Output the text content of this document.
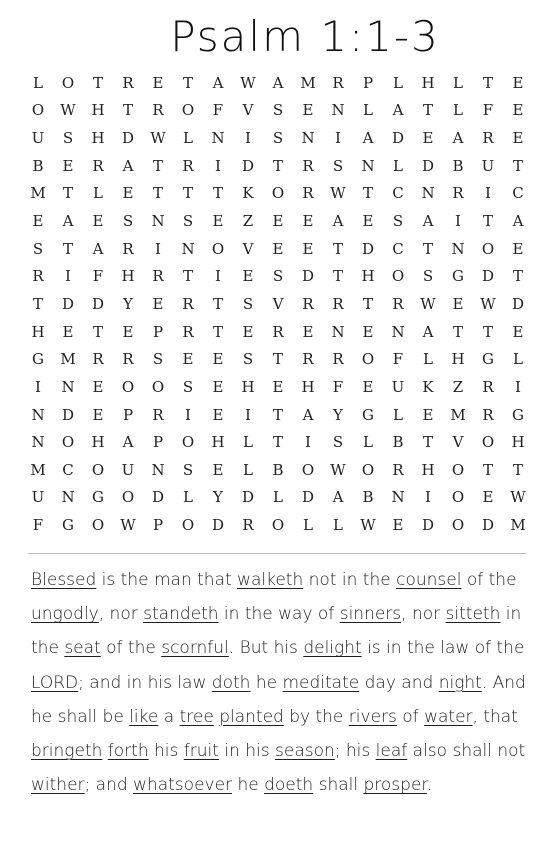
Psalm 1:1-3
L	O	T	R	E	T	A	W	A	M	R	P	L	H	L	T	E
O	W	H	T	R	O	F	V	S	E	N	L	A	T	L	F	E
U	S	H	D	W	L	N	I	S	N	I	A	D	E	A	R	E
B	E	R	A	T	R	I	D	T	R	S	N	L	D	B	U	T
M	T	L	E	T	T	T	K	O	R	W	T	C	N	R	I	C
E	A	E	S	N	S	E	Z	E	E	A	E	S	A	I	T	A
S	T	A	R	I	N	O	V	E	E	T	D	C	T	N	O	E
R	I	F	H	R	T	I	E	S	D	T	H	O	S	G	D	T
T	D	D	Y	E	R	T	S	V	R	R	T	R	W	E	W	D
H	E	T	E	P	R	T	E	R	E	N	E	N	A	T	T	E
G	M	R	R	S	E	E	S	T	R	R	O	F	L	H	G	L
I	N	E	O	O	S	E	H	E	H	F	E	U	K	Z	R	I
N	D	E	P	R	I	E	I	T	A	Y	G	L	E	M	R	G
N	O	H	A	P	O	H	L	T	I	S	L	B	T	V	O	H
M	C	O	U	N	S	E	L	B	O	W	O	R	H	O	T	T
U	N	G	O	D	L	Y	D	L	D	A	B	N	I	O	E	W
F	G	O	W	P	O	D	R	O	L	L	W	E	D	O	D	M
Blessed is the man that walketh not in the counsel of the ungodly, nor standeth in the way of sinners, nor sitteth in the seat of the scornful. But his delight is in the law of the LORD; and in his law doth he meditate day and night. And he shall be like a tree planted by the rivers of water, that bringeth forth his fruit in his season; his leaf also shall not wither; and whatsoever he doeth shall prosper.
